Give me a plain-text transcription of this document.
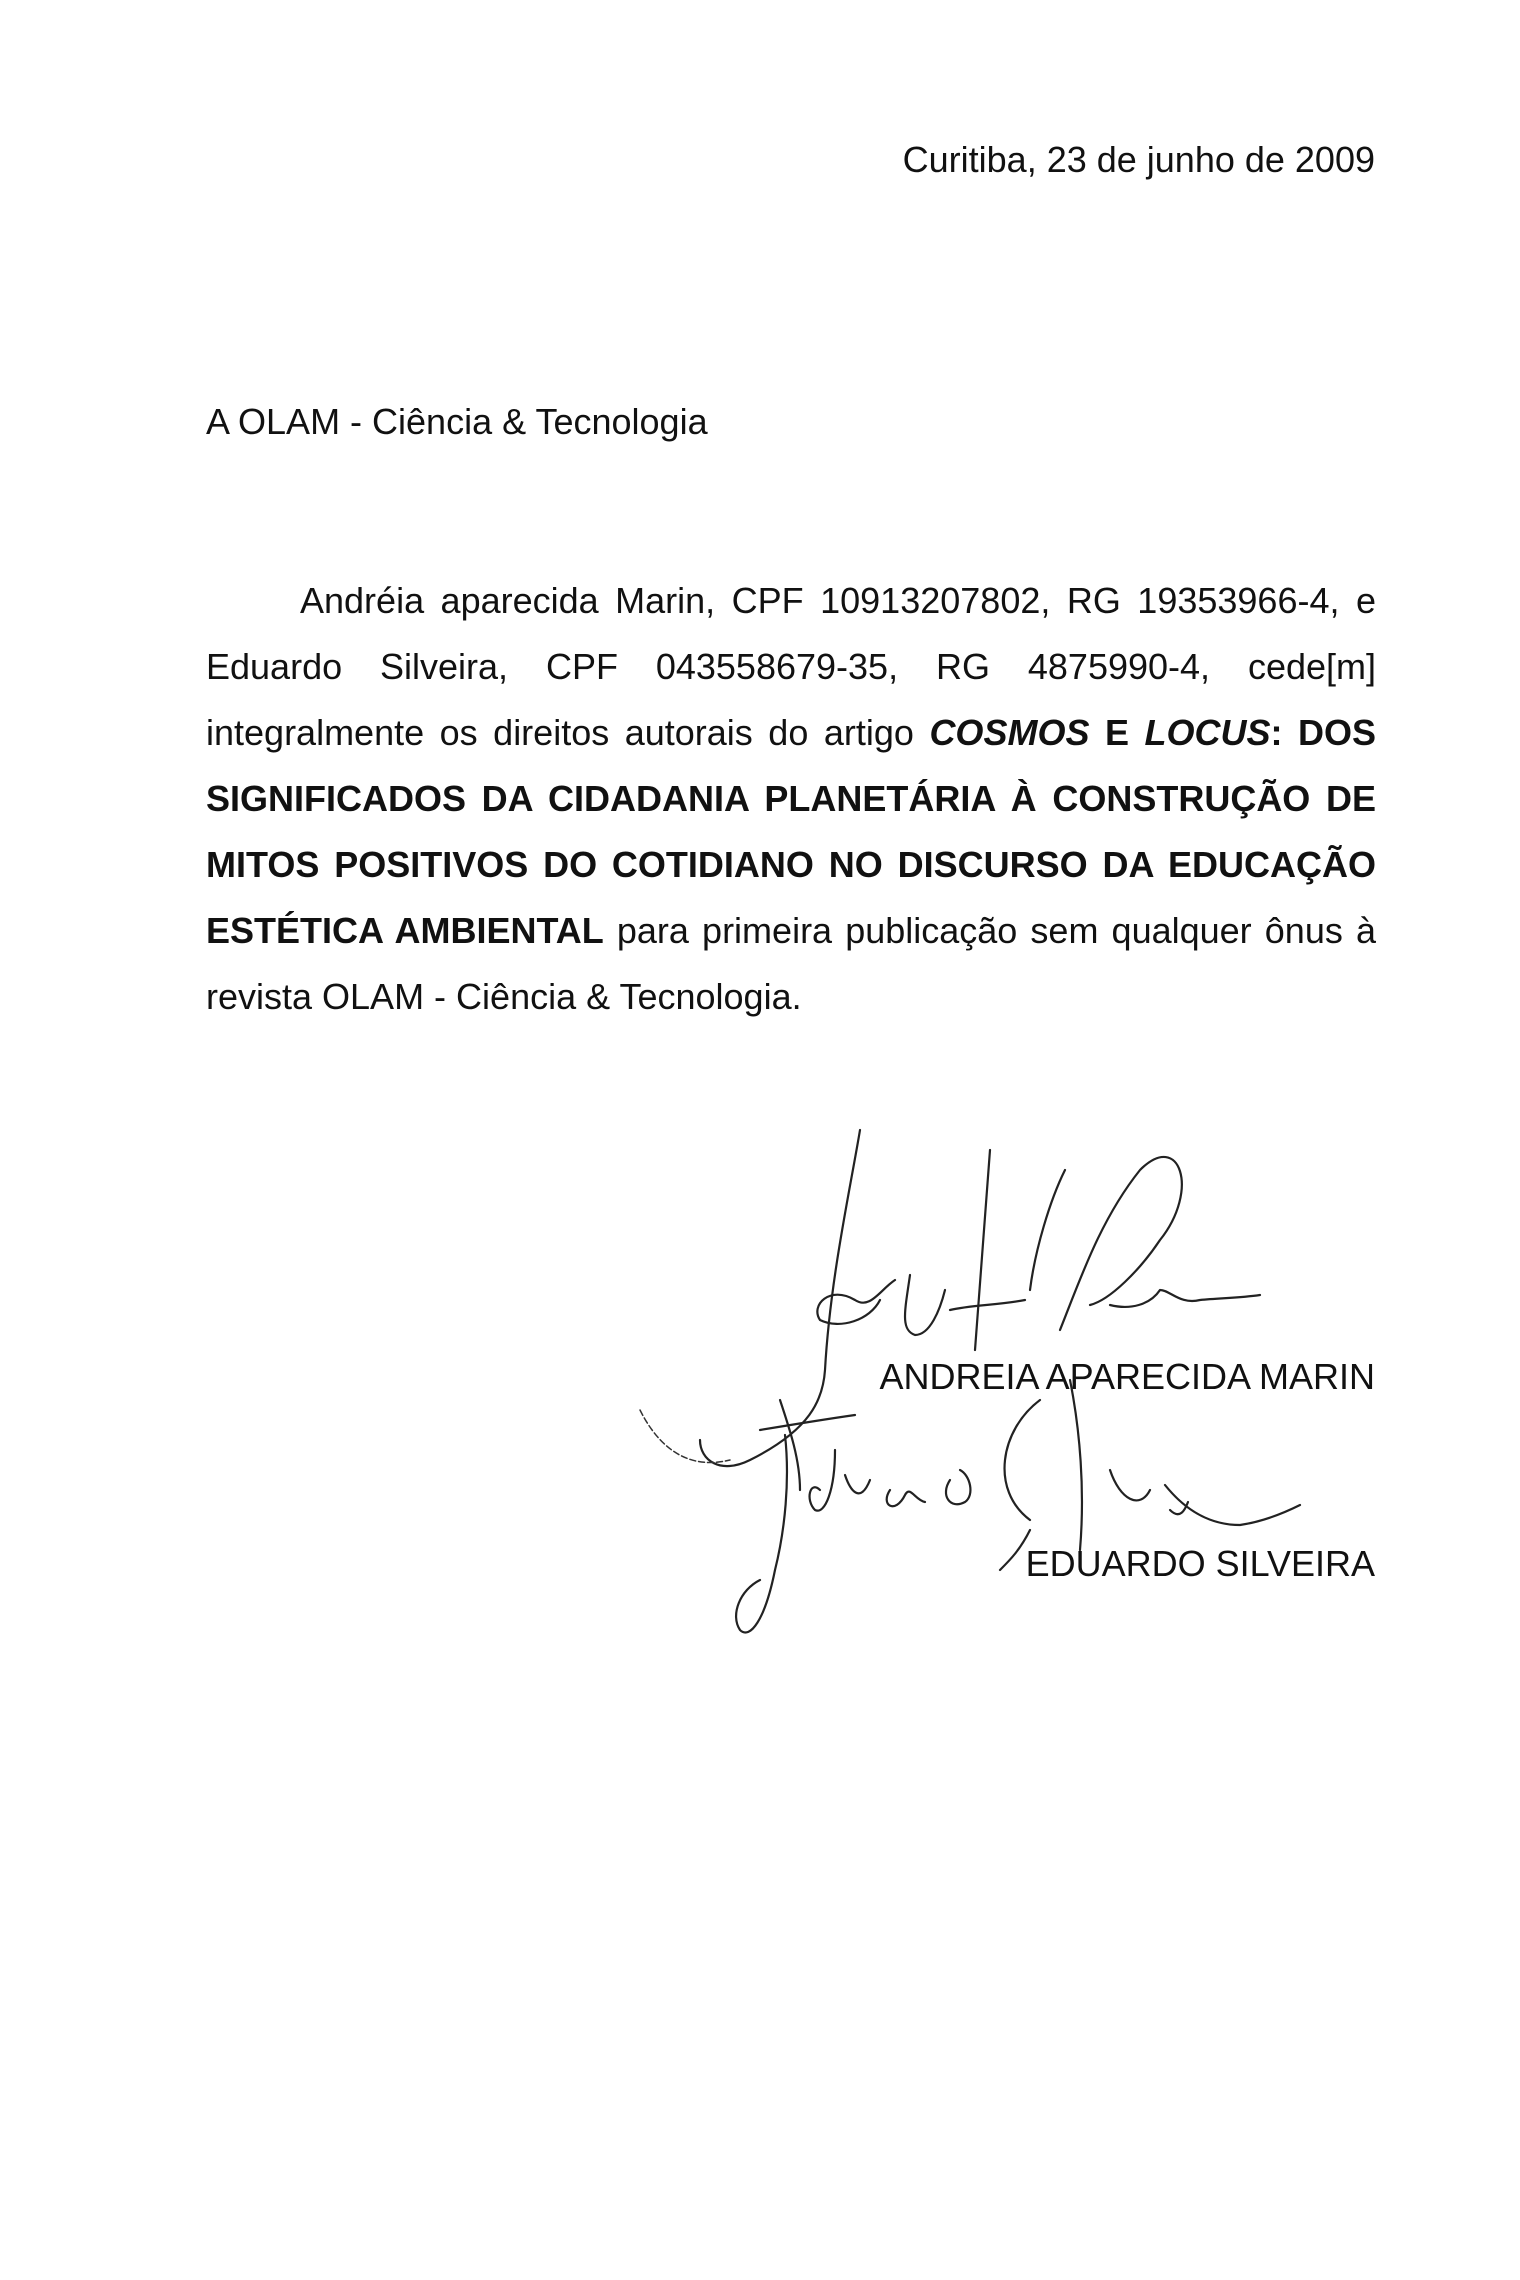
Curitiba, 23 de junho de 2009
A OLAM - Ciência & Tecnologia

Andréia aparecida Marin, CPF 10913207802, RG 19353966-4, e Eduardo Silveira, CPF 043558679-35, RG 4875990-4, cede[m] integralmente os direitos autorais do artigo COSMOS E LOCUS: DOS SIGNIFICADOS DA CIDADANIA PLANETÁRIA À CONSTRUÇÃO DE MITOS POSITIVOS DO COTIDIANO NO DISCURSO DA EDUCAÇÃO ESTÉTICA AMBIENTAL para primeira publicação sem qualquer ônus à revista OLAM - Ciência & Tecnologia.

ANDREIA APARECIDA MARIN
EDUARDO SILVEIRA
